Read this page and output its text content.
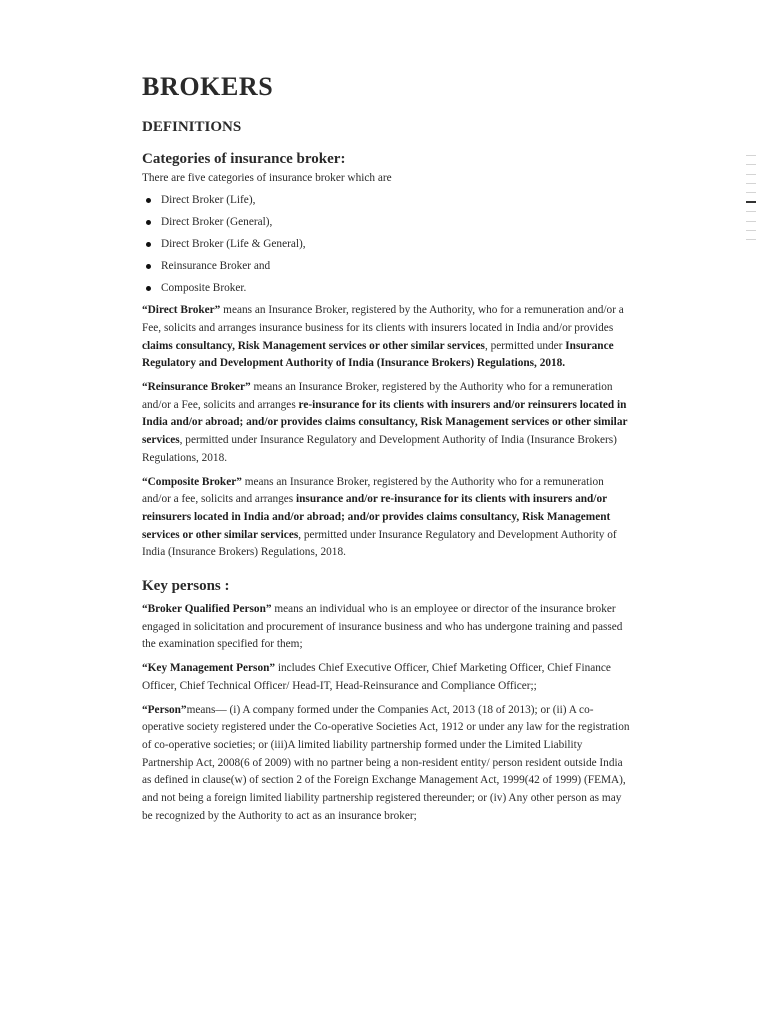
BROKERS
DEFINITIONS
Categories of insurance broker:

There are five categories of insurance broker which are

Direct Broker (Life),
Direct Broker (General),
Direct Broker (Life & General),
Reinsurance Broker and
Composite Broker.

“Direct Broker” means an Insurance Broker, registered by the Authority, who for a remuneration and/or a Fee, solicits and arranges insurance business for its clients with insurers located in India and/or provides claims consultancy, Risk Management services or other similar services, permitted under Insurance Regulatory and Development Authority of India (Insurance Brokers) Regulations, 2018.

“Reinsurance Broker” means an Insurance Broker, registered by the Authority who for a remuneration and/or a Fee, solicits and arranges re-insurance for its clients with insurers and/or reinsurers located in India and/or abroad; and/or provides claims consultancy, Risk Management services or other similar services, permitted under Insurance Regulatory and Development Authority of India (Insurance Brokers) Regulations, 2018.

“Composite Broker” means an Insurance Broker, registered by the Authority who for a remuneration and/or a fee, solicits and arranges insurance and/or re-insurance for its clients with insurers and/or reinsurers located in India and/or abroad; and/or provides claims consultancy, Risk Management services or other similar services, permitted under Insurance Regulatory and Development Authority of India (Insurance Brokers) Regulations, 2018.

Key persons :

“Broker Qualified Person” means an individual who is an employee or director of the insurance broker engaged in solicitation and procurement of insurance business and who has undergone training and passed the examination specified for them;

“Key Management Person” includes Chief Executive Officer, Chief Marketing Officer, Chief Finance Officer, Chief Technical Officer/ Head-IT, Head-Reinsurance and Compliance Officer;;

“Person”means— (i) A company formed under the Companies Act, 2013 (18 of 2013); or (ii) A co-operative society registered under the Co-operative Societies Act, 1912 or under any law for the registration of co-operative societies; or (iii)A limited liability partnership formed under the Limited Liability Partnership Act, 2008(6 of 2009) with no partner being a non-resident entity/ person resident outside India as defined in clause(w) of section 2 of the Foreign Exchange Management Act, 1999(42 of 1999) (FEMA), and not being a foreign limited liability partnership registered thereunder; or (iv) Any other person as may be recognized by the Authority to act as an insurance broker;
